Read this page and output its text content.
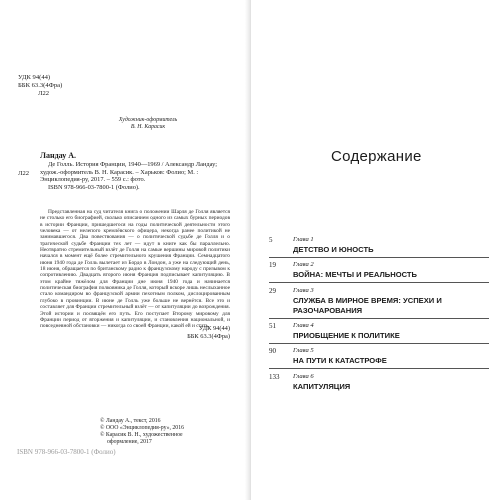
УДК 94(44)
ББК 63.3(4Фра)
Л22
Художник-оформитель
В. Н. Карасик
Ландау А.
Л22
Де Голль. История Франции, 1940—1969 / Александр Ландау; худож.-оформитель В. Н. Карасик. – Харьков: Фолио; М. : Энциклопедия-ру, 2017. – 559 с.: фото.
ISBN 978-966-03-7800-1 (Фолио).
Представленная на суд читателя книга о положении Шарля де Голля является не столько его биографией, сколько описанием одного из самых бурных периодов в истории Франции, пришедшегося на годы политической деятельности этого человека — от нелепого кремлёвского офицера, некогда ранее политикой не занимавшегося. Два повествования — о политической судьбе де Голля и о трагической судьбе Франции тех лет — идут в книге как бы параллельно. Неотвратно стремительный взлёт де Голля на самые вершины мировой политики начался в момент ещё более стремительного крушения Франции. Семнадцатого июня 1940 года де Голль вылетает из Бордо в Лондон, а уже на следующий день, 18 июня, обращается по британскому радио к французскому народу с призывом к сопротивлению. Двадцать второго июня Франция подписывает капитуляцию. В этом крайне тяжёлом для Франции дне июня 1940 года и начинается политическая биография полковника де Голля, который вскоре лишь неслыханное стало командиром во французской армии пехотным полком, дислоцированным глубоко в провинции. В июне де Голль уже больше не вернётся. Все это и составляет для Франции стремительный взлёт — от капитуляции до возрождения. Этой истории и посвящён его путь. Его поступает Второму мировому для Франции период от вторжения и капитуляции, и становления национальной, и повседневной обстановки — никогда со своей Франции, какой ей и стать.
УДК 94(44)
ББК 63.3(4Фра)
© Ландау А., текст, 2016
© ООО «Энциклопедия-ру», 2016
© Карасик В. Н., художественное
оформление, 2017
ISBN 978-966-03-7800-1 (Фолио)
Содержание
5	Глава 1
ДЕТСТВО И ЮНОСТЬ
19	Глава 2
ВОЙНА: МЕЧТЫ И РЕАЛЬНОСТЬ
29	Глава 3
СЛУЖБА В МИРНОЕ ВРЕМЯ: УСПЕХИ И РАЗОЧАРОВАНИЯ
51	Глава 4
ПРИОБЩЕНИЕ К ПОЛИТИКЕ
90	Глава 5
НА ПУТИ К КАТАСТРОФЕ
133 Глава 6
КАПИТУЛЯЦИЯ
